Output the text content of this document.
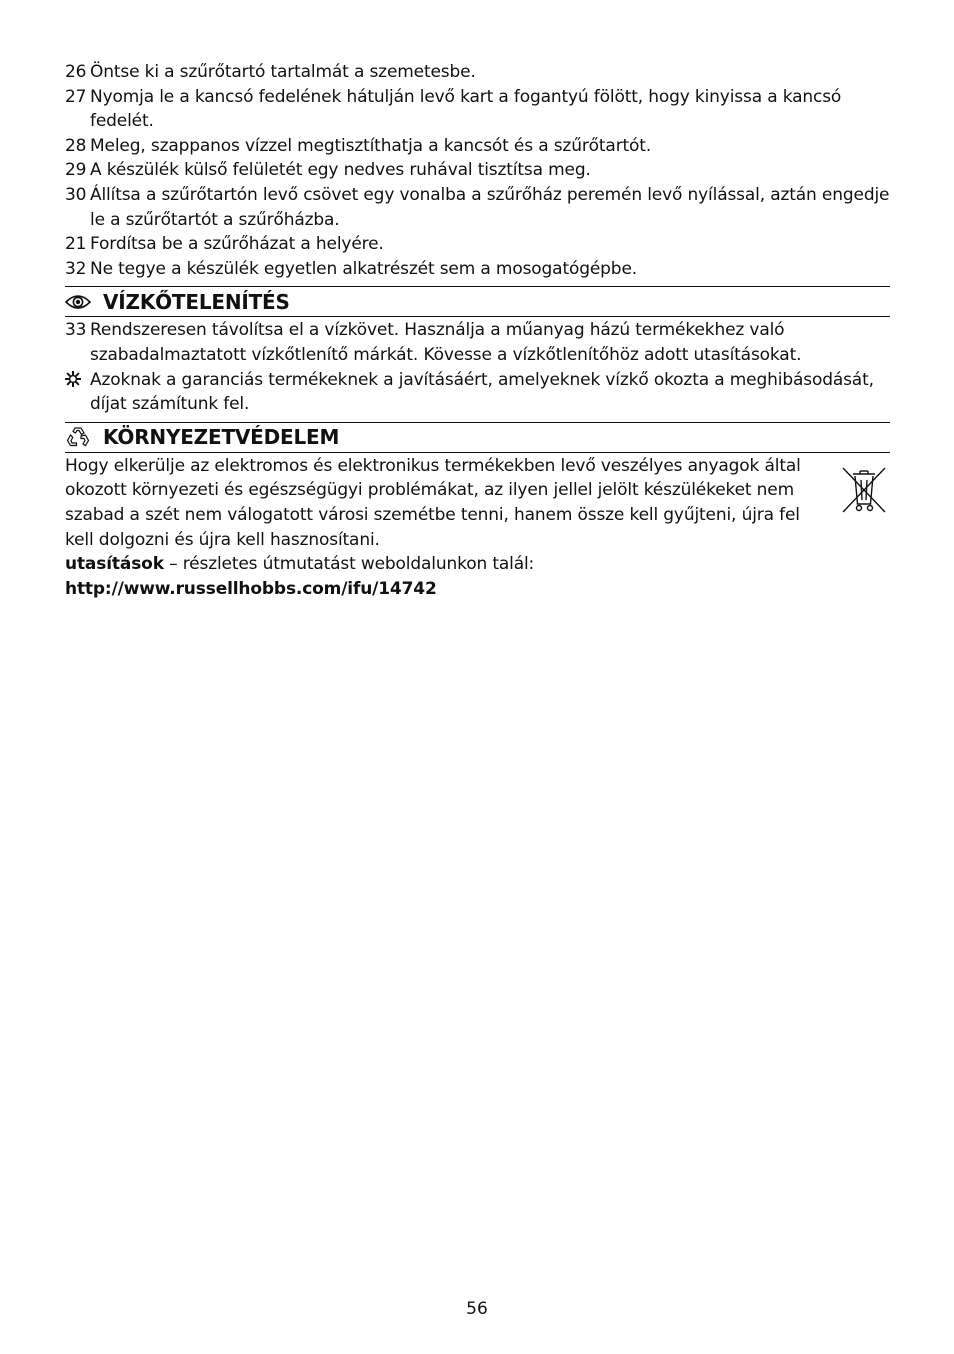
26 Öntse ki a szűrőtartó tartalmát a szemetesbe.
27 Nyomja le a kancsó fedelének hátulján levő kart a fogantyú fölött, hogy kinyissa a kancsó fedelét.
28 Meleg, szappanos vízzel megtisztíthatja a kancsót és a szűrőtartót.
29 A készülék külső felületét egy nedves ruhával tisztítsa meg.
30 Állítsa a szűrőtartón levő csövet egy vonalba a szűrőház peremén levő nyílással, aztán engedje le a szűrőtartót a szűrőházba.
21 Fordítsa be a szűrőházat a helyére.
32 Ne tegye a készülék egyetlen alkatrészét sem a mosogatógépbe.
VÍZKŐTELENÍTÉS
33 Rendszeresen távolítsa el a vízkövet. Használja a műanyag házú termékekhez való szabadalmaztatott vízkőtlenítő márkát. Kövesse a vízkőtlenítőhöz adott utasításokat.
Azoknak a garanciás termékeknek a javításáért, amelyeknek vízkő okozta a meghibásodását, díjat számítunk fel.
KÖRNYEZETVÉDELEM
Hogy elkerülje az elektromos és elektronikus termékekben levő veszélyes anyagok által okozott környezeti és egészségügyi problémákat, az ilyen jellel jelölt készülékeket nem szabad a szét nem válogatott városi szemétbe tenni, hanem össze kell gyűjteni, újra fel kell dolgozni és újra kell hasznosítani.
utasítások – részletes útmutatást weboldalunkon talál:
http://www.russellhobbs.com/ifu/14742
56
